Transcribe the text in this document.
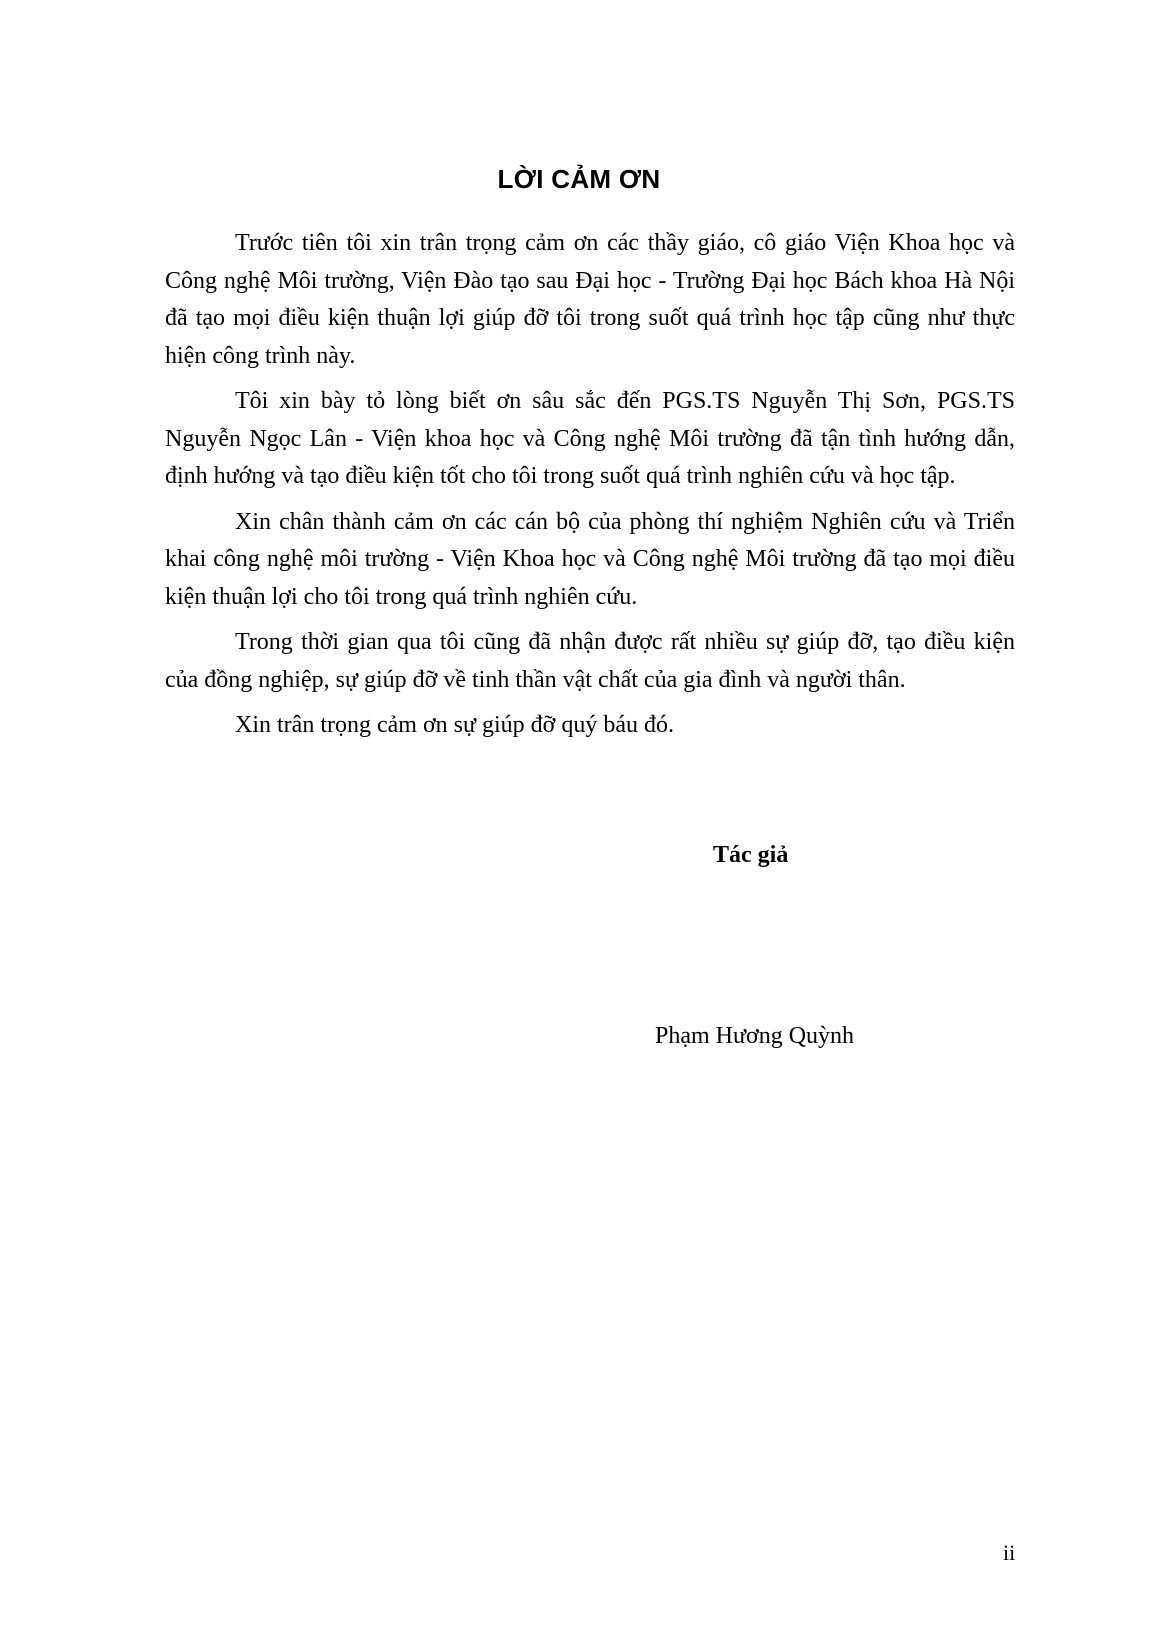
LỜI CẢM ƠN

Trước tiên tôi xin trân trọng cảm ơn các thầy giáo, cô giáo Viện Khoa học và Công nghệ Môi trường, Viện Đào tạo sau Đại học - Trường Đại học Bách khoa Hà Nội đã tạo mọi điều kiện thuận lợi giúp đỡ tôi trong suốt quá trình học tập cũng như thực hiện công trình này.

Tôi xin bày tỏ lòng biết ơn sâu sắc đến PGS.TS Nguyễn Thị Sơn, PGS.TS Nguyễn Ngọc Lân - Viện khoa học và Công nghệ Môi trường đã tận tình hướng dẫn, định hướng và tạo điều kiện tốt cho tôi trong suốt quá trình nghiên cứu và học tập.

Xin chân thành cảm ơn các cán bộ của phòng thí nghiệm Nghiên cứu và Triển khai công nghệ môi trường - Viện Khoa học và Công nghệ Môi trường đã tạo mọi điều kiện thuận lợi cho tôi trong quá trình nghiên cứu.

Trong thời gian qua tôi cũng đã nhận được rất nhiều sự giúp đỡ, tạo điều kiện của đồng nghiệp, sự giúp đỡ về tinh thần vật chất của gia đình và người thân.

Xin trân trọng cảm ơn sự giúp đỡ quý báu đó.

Tác giả
Phạm Hương Quỳnh
ii
